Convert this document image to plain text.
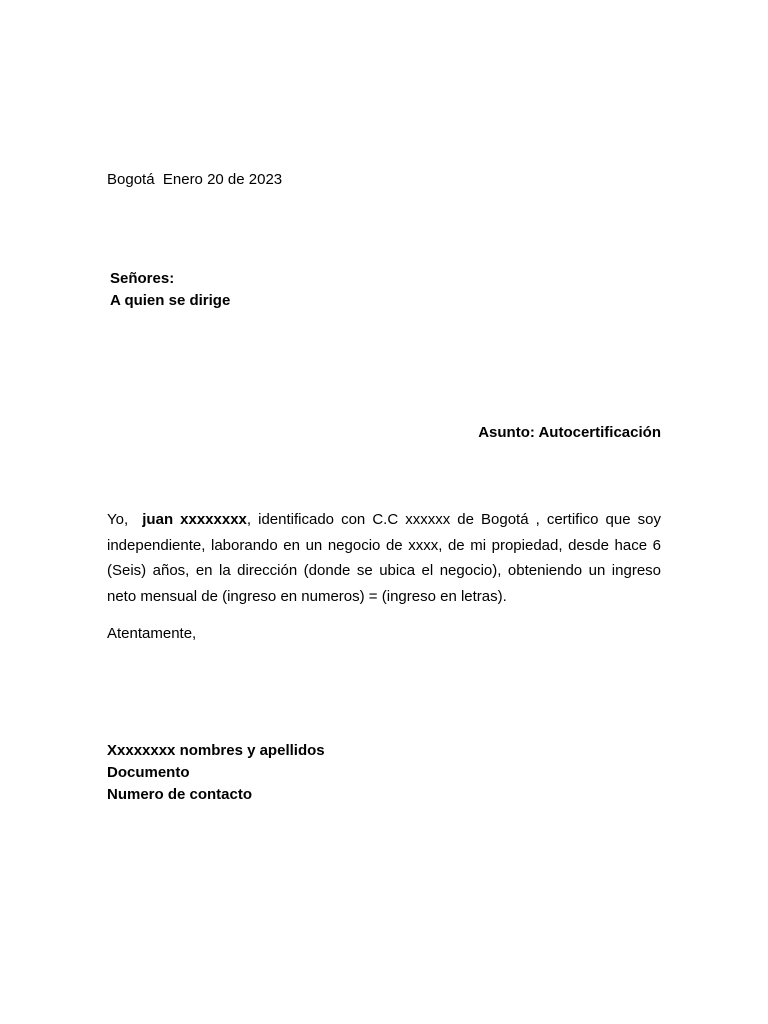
Bogotá  Enero 20 de 2023
Señores:
A quien se dirige
Asunto: Autocertificación

Yo,  juan xxxxxxxx, identificado con C.C xxxxxx de Bogotá , certifico que soy independiente, laborando en un negocio de xxxx, de mi propiedad, desde hace 6 (Seis) años, en la dirección (donde se ubica el negocio), obteniendo un ingreso neto mensual de (ingreso en numeros) = (ingreso en letras).

Atentamente,
Xxxxxxxx nombres y apellidos
Documento
Numero de contacto
